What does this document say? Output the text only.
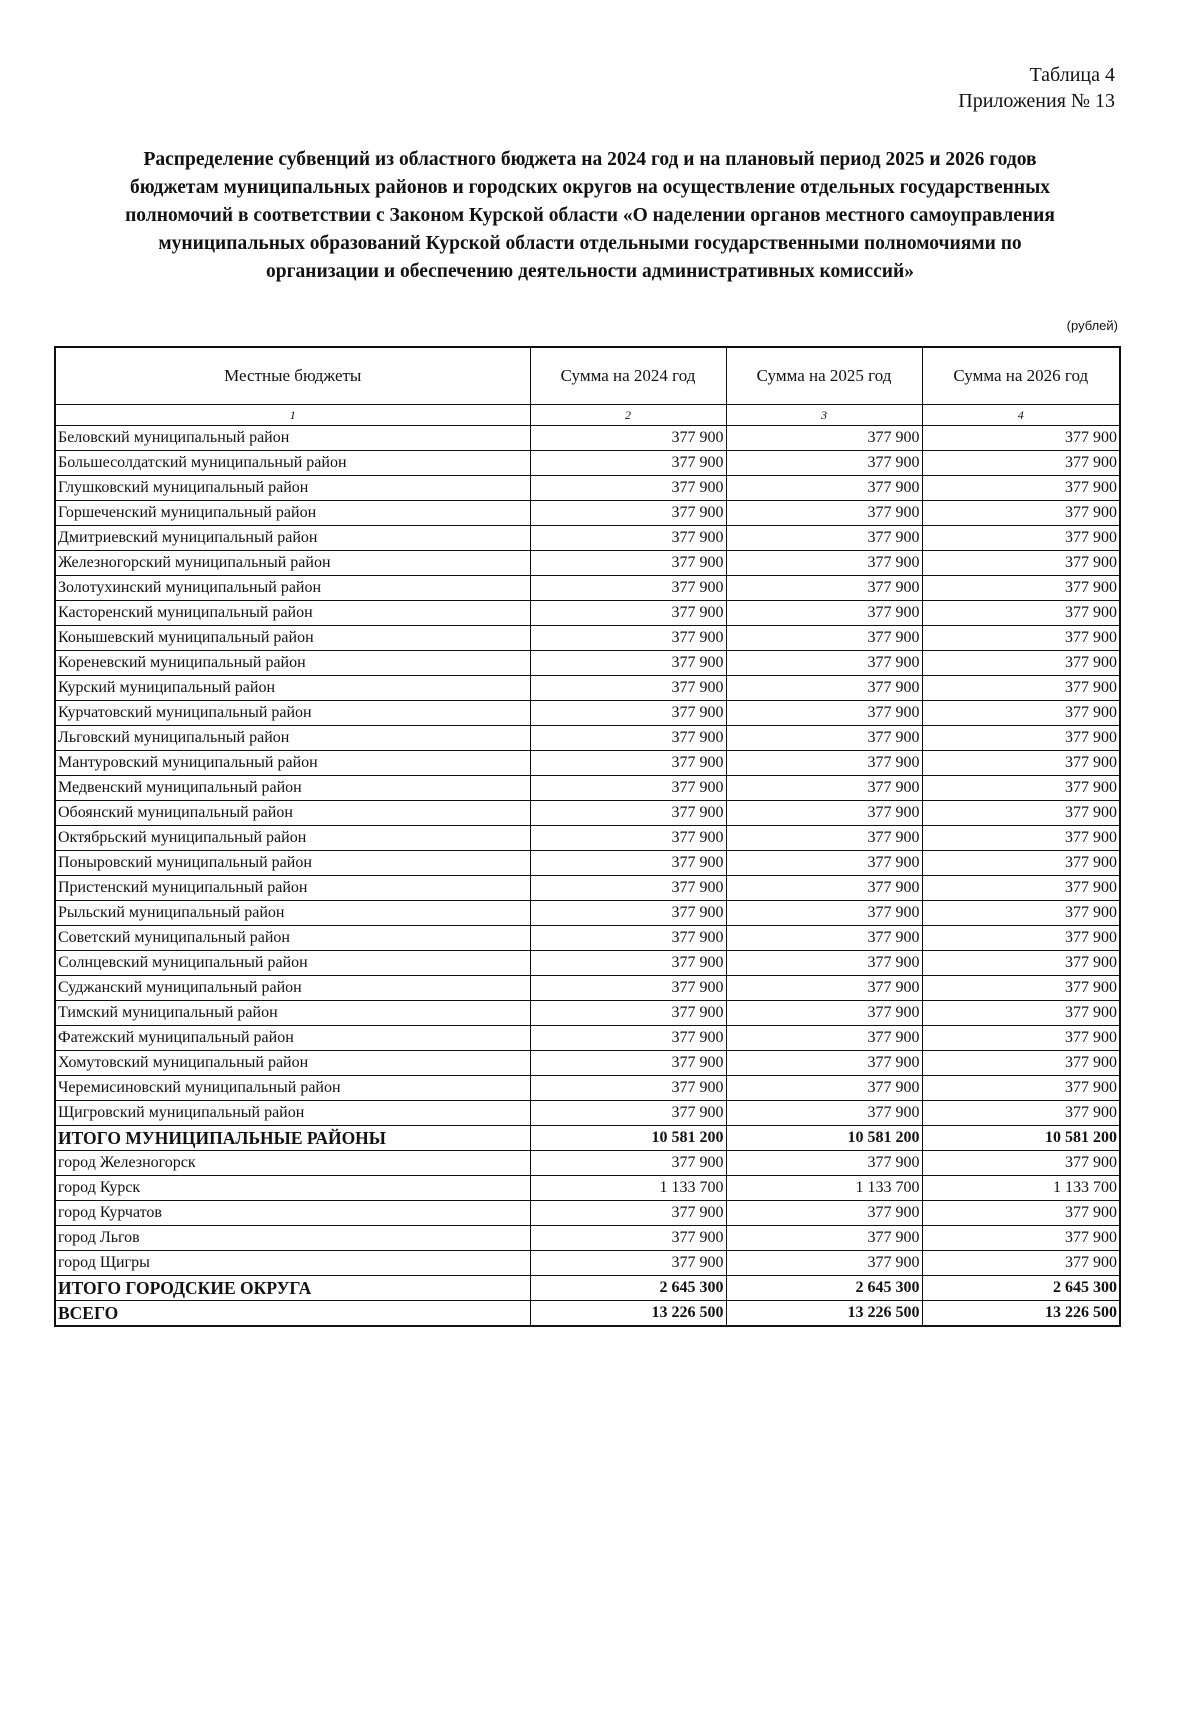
Таблица 4
Приложения № 13
Распределение субвенций из областного бюджета на 2024 год и на плановый период 2025 и 2026 годов
бюджетам муниципальных районов и городских округов на осуществление отдельных государственных
полномочий в соответствии с Законом Курской области «О наделении органов местного самоуправления
муниципальных образований Курской области отдельными государственными полномочиями по
организации и обеспечению деятельности административных комиссий»
(рублей)
Местные бюджеты	Сумма на 2024 год	Сумма на 2025 год	Сумма на 2026 год
1	2	3	4
Беловский муниципальный район	377 900	377 900	377 900
Большесолдатский муниципальный район	377 900	377 900	377 900
Глушковский муниципальный район	377 900	377 900	377 900
Горшеченский муниципальный район	377 900	377 900	377 900
Дмитриевский муниципальный район	377 900	377 900	377 900
Железногорский муниципальный район	377 900	377 900	377 900
Золотухинский муниципальный район	377 900	377 900	377 900
Касторенский муниципальный район	377 900	377 900	377 900
Конышевский муниципальный район	377 900	377 900	377 900
Кореневский муниципальный район	377 900	377 900	377 900
Курский муниципальный район	377 900	377 900	377 900
Курчатовский муниципальный район	377 900	377 900	377 900
Льговский муниципальный район	377 900	377 900	377 900
Мантуровский муниципальный район	377 900	377 900	377 900
Медвенский муниципальный район	377 900	377 900	377 900
Обоянский муниципальный район	377 900	377 900	377 900
Октябрьский муниципальный район	377 900	377 900	377 900
Поныровский муниципальный район	377 900	377 900	377 900
Пристенский муниципальный район	377 900	377 900	377 900
Рыльский муниципальный район	377 900	377 900	377 900
Советский муниципальный район	377 900	377 900	377 900
Солнцевский муниципальный район	377 900	377 900	377 900
Суджанский муниципальный район	377 900	377 900	377 900
Тимский муниципальный район	377 900	377 900	377 900
Фатежский муниципальный район	377 900	377 900	377 900
Хомутовский муниципальный район	377 900	377 900	377 900
Черемисиновский муниципальный район	377 900	377 900	377 900
Щигровский муниципальный район	377 900	377 900	377 900
ИТОГО МУНИЦИПАЛЬНЫЕ РАЙОНЫ	10 581 200	10 581 200	10 581 200
город Железногорск	377 900	377 900	377 900
город Курск	1 133 700	1 133 700	1 133 700
город Курчатов	377 900	377 900	377 900
город Льгов	377 900	377 900	377 900
город Щигры	377 900	377 900	377 900
ИТОГО ГОРОДСКИЕ ОКРУГА	2 645 300	2 645 300	2 645 300
ВСЕГО	13 226 500	13 226 500	13 226 500
